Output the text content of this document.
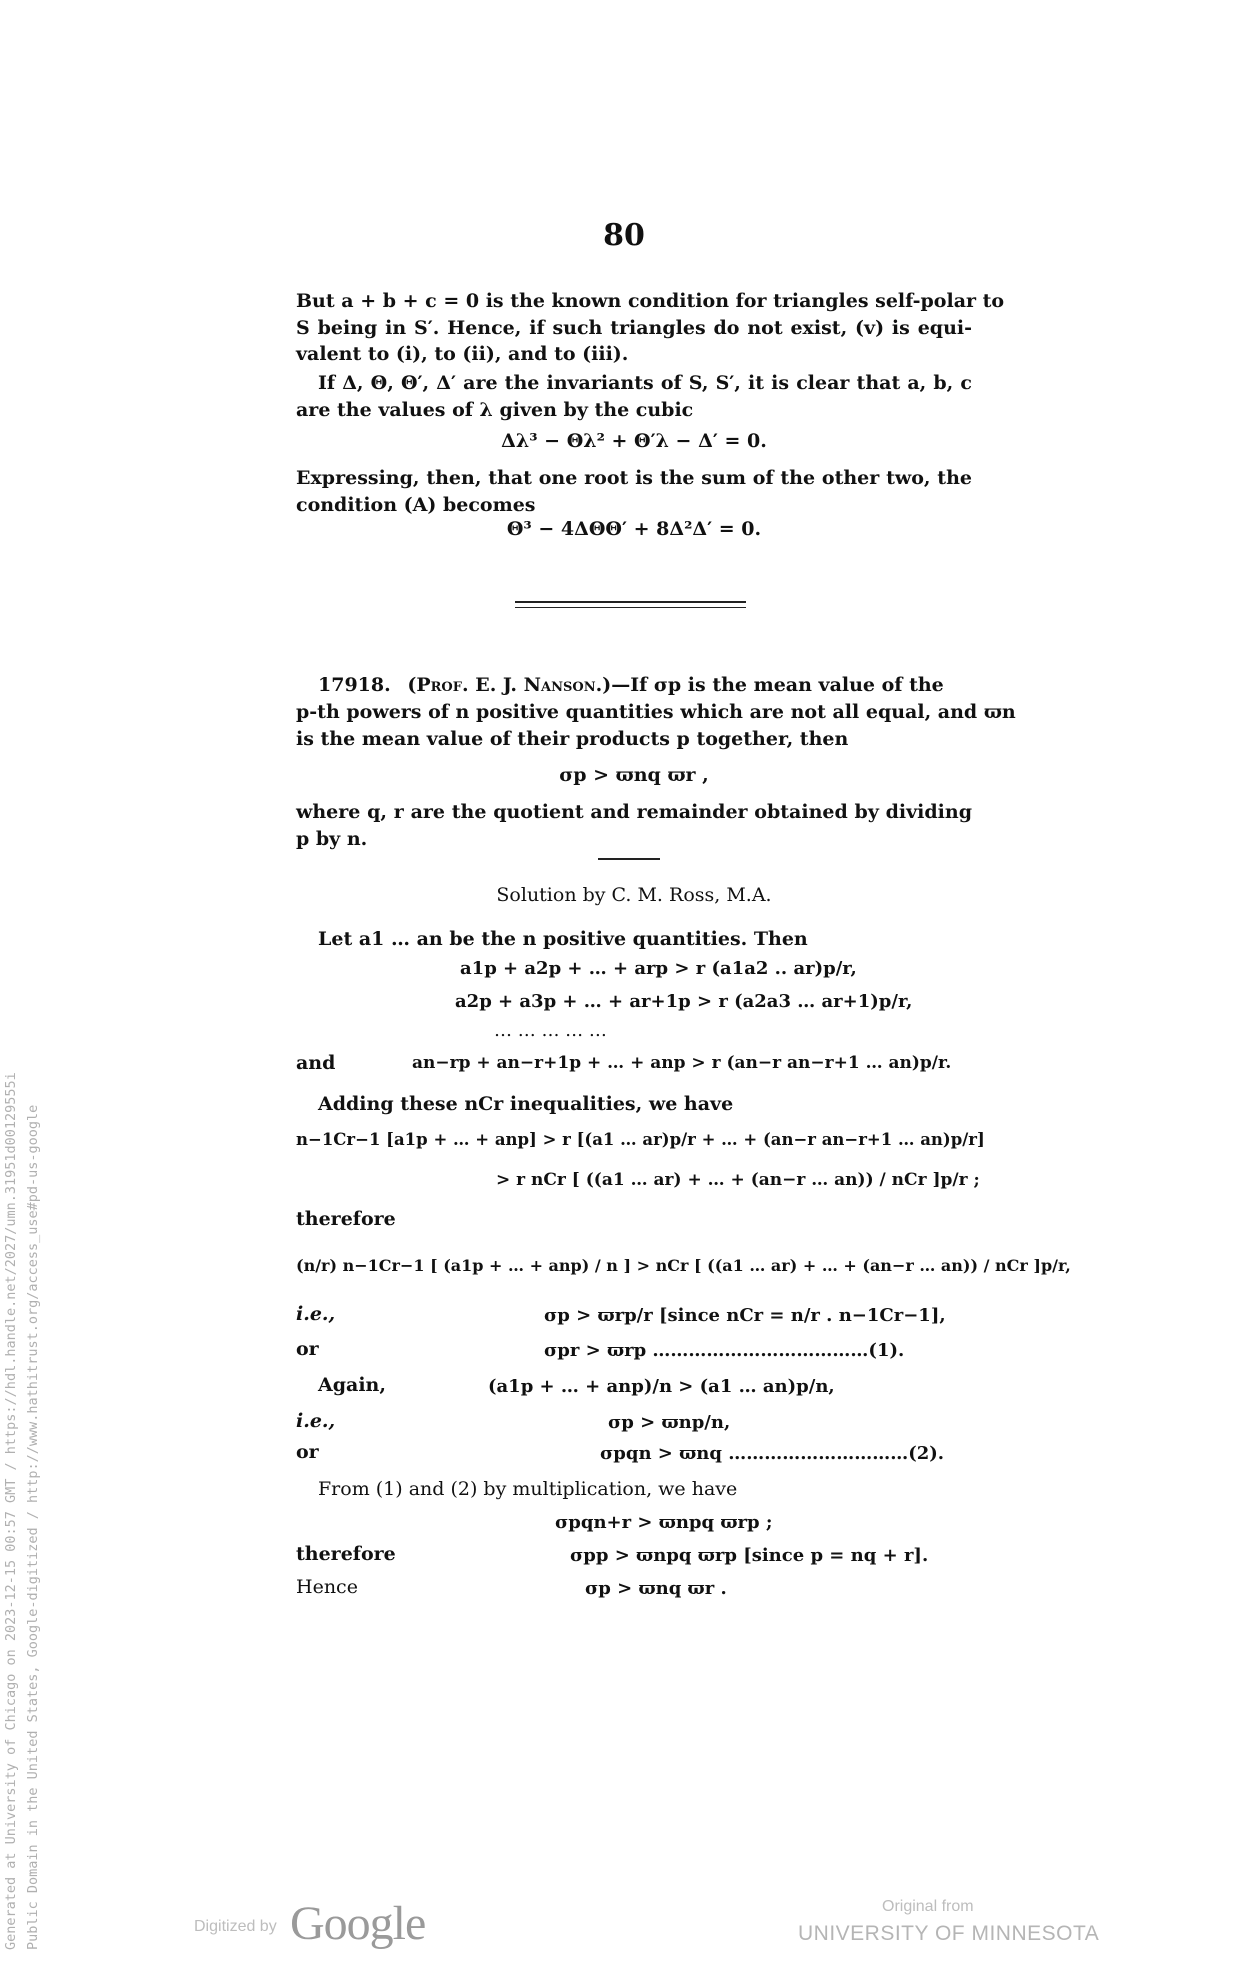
80
But a + b + c = 0 is the known condition for triangles self-polar to
S being in S′. Hence, if such triangles do not exist, (v) is equi-
valent to (i), to (ii), and to (iii).
If Δ, Θ, Θ′, Δ′ are the invariants of S, S′, it is clear that a, b, c
are the values of λ given by the cubic
Δλ³ − Θλ² + Θ′λ − Δ′ = 0.
Expressing, then, that one root is the sum of the other two, the
condition (A) becomes
Θ³ − 4ΔΘΘ′ + 8Δ²Δ′ = 0.
17918. (Prof. E. J. Nanson.)—If σp is the mean value of the
p-th powers of n positive quantities which are not all equal, and ϖn
is the mean value of their products p together, then
σp > ϖnq ϖr ,
where q, r are the quotient and remainder obtained by dividing
p by n.
Solution by C. M. Ross, M.A.
Let a1 … an be the n positive quantities. Then
a1p + a2p + … + arp > r (a1a2 .. ar)p/r,
a2p + a3p + … + ar+1p > r (a2a3 … ar+1)p/r,
… … … … …
and	an−rp + an−r+1p + … + anp > r (an−r an−r+1 … an)p/r.
Adding these nCr inequalities, we have
n−1Cr−1 [a1p + … + anp] > r [(a1 … ar)p/r + … + (an−r an−r+1 … an)p/r]
> r nCr [ ((a1 … ar) + … + (an−r … an)) / nCr ]p/r ;
therefore
(n/r) n−1Cr−1 [ (a1p + … + anp) / n ] > nCr [ ((a1 … ar) + … + (an−r … an)) / nCr ]p/r,
i.e.,	σp > ϖrp/r [since nCr = n/r . n−1Cr−1],
or	σpr > ϖrp ………………………………(1).
Again,	(a1p + … + anp)/n > (a1 … an)p/n,
i.e.,	σp > ϖnp/n,
or	σpqn > ϖnq …………………………(2).
From (1) and (2) by multiplication, we have
σpqn+r > ϖnpq ϖrp ;
therefore	σpp > ϖnpq ϖrp [since p = nq + r].
Hence	σp > ϖnq ϖr .
Generated at University of Chicago on 2023-12-15 00:57 GMT / https://hdl.handle.net/2027/umn.31951d00129555i Public Domain in the United States, Google-digitized / http://www.hathitrust.org/access_use#pd-us-google	Digitized by Google	Original from
UNIVERSITY OF MINNESOTA
